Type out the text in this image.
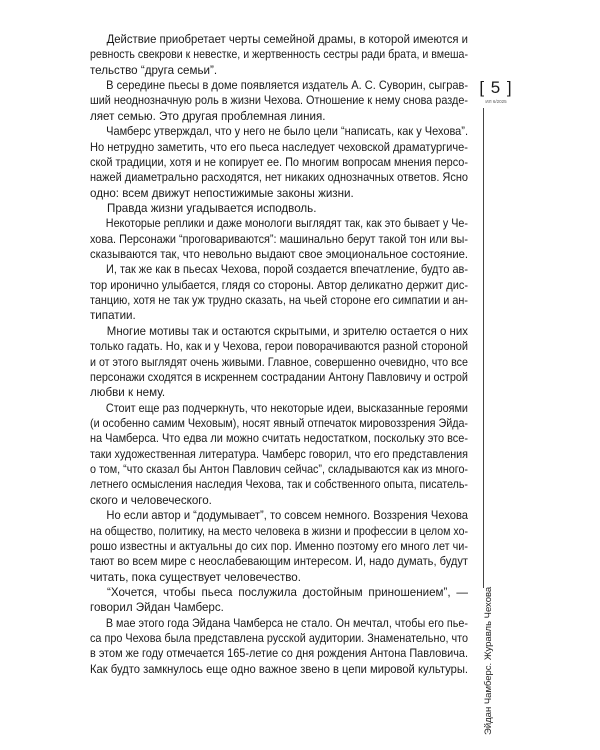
Действие приобретает черты семейной драмы, в которой имеются и
ревность свекрови к невестке, и жертвенность сестры ради брата, и вмеша-
тельство “друга семьи”.
В середине пьесы в доме появляется издатель А. С. Суворин, сыграв-
ший неоднозначную роль в жизни Чехова. Отношение к нему снова разде-
ляет семью. Это другая проблемная линия.
Чамберс утверждал, что у него не было цели “написать, как у Чехова”.
Но нетрудно заметить, что его пьеса наследует чеховской драматургиче-
ской традиции, хотя и не копирует ее. По многим вопросам мнения персо-
нажей диаметрально расходятся, нет никаких однозначных ответов. Ясно
одно: всем движут непостижимые законы жизни.
Правда жизни угадывается исподволь.
Некоторые реплики и даже монологи выглядят так, как это бывает у Че-
хова. Персонажи “проговариваются”: машинально берут такой тон или вы-
сказываются так, что невольно выдают свое эмоциональное состояние.
И, так же как в пьесах Чехова, порой создается впечатление, будто ав-
тор иронично улыбается, глядя со стороны. Автор деликатно держит дис-
танцию, хотя не так уж трудно сказать, на чьей стороне его симпатии и ан-
типатии.
Многие мотивы так и остаются скрытыми, и зрителю остается о них
только гадать. Но, как и у Чехова, герои поворачиваются разной стороной
и от этого выглядят очень живыми. Главное, совершенно очевидно, что все
персонажи сходятся в искреннем сострадании Антону Павловичу и острой
любви к нему.
Стоит еще раз подчеркнуть, что некоторые идеи, высказанные героями
(и особенно самим Чеховым), носят явный отпечаток мировоззрения Эйда-
на Чамберса. Что едва ли можно считать недостатком, поскольку это все-
таки художественная литература. Чамберс говорил, что его представления
о том, “что сказал бы Антон Павлович сейчас”, складываются как из много-
летнего осмысления наследия Чехова, так и собственного опыта, писатель-
ского и человеческого.
Но если автор и “додумывает”, то совсем немного. Воззрения Чехова
на общество, политику, на место человека в жизни и профессии в целом хо-
рошо известны и актуальны до сих пор. Именно поэтому его много лет чи-
тают во всем мире с неослабевающим интересом. И, надо думать, будут
читать, пока существует человечество.
“Хочется, чтобы пьеса послужила достойным приношением”, —
говорил Эйдан Чамберс.
В мае этого года Эйдана Чамберса не стало. Он мечтал, чтобы его пье-
са про Чехова была представлена русской аудитории. Знаменательно, что
в этом же году отмечается 165-летие со дня рождения Антона Павловича.
Как будто замкнулось еще одно важное звено в цепи мировой культуры.
[ 5 ]
ИЛ 6/2025
Эйдан Чамберс. Журавль Чехова
